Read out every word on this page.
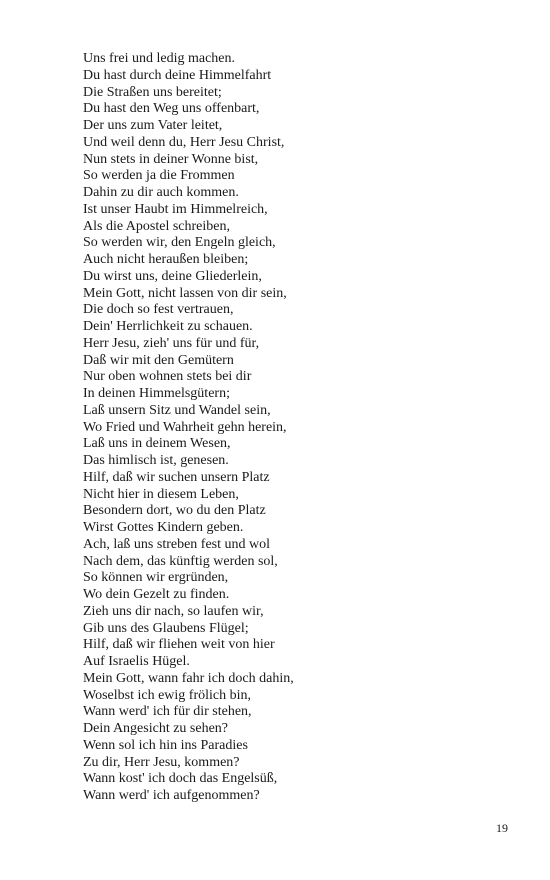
Uns frei und ledig machen.
Du hast durch deine Himmelfahrt
Die Straßen uns bereitet;
Du hast den Weg uns offenbart,
Der uns zum Vater leitet,
Und weil denn du, Herr Jesu Christ,
Nun stets in deiner Wonne bist,
So werden ja die Frommen
Dahin zu dir auch kommen.
Ist unser Haubt im Himmelreich,
Als die Apostel schreiben,
So werden wir, den Engeln gleich,
Auch nicht heraußen bleiben;
Du wirst uns, deine Gliederlein,
Mein Gott, nicht lassen von dir sein,
Die doch so fest vertrauen,
Dein' Herrlichkeit zu schauen.
Herr Jesu, zieh' uns für und für,
Daß wir mit den Gemütern
Nur oben wohnen stets bei dir
In deinen Himmelsgütern;
Laß unsern Sitz und Wandel sein,
Wo Fried und Wahrheit gehn herein,
Laß uns in deinem Wesen,
Das himlisch ist, genesen.
Hilf, daß wir suchen unsern Platz
Nicht hier in diesem Leben,
Besondern dort, wo du den Platz
Wirst Gottes Kindern geben.
Ach, laß uns streben fest und wol
Nach dem, das künftig werden sol,
So können wir ergründen,
Wo dein Gezelt zu finden.
Zieh uns dir nach, so laufen wir,
Gib uns des Glaubens Flügel;
Hilf, daß wir fliehen weit von hier
Auf Israelis Hügel.
Mein Gott, wann fahr ich doch dahin,
Woselbst ich ewig frölich bin,
Wann werd' ich für dir stehen,
Dein Angesicht zu sehen?
Wenn sol ich hin ins Paradies
Zu dir, Herr Jesu, kommen?
Wann kost' ich doch das Engelsüß,
Wann werd' ich aufgenommen?
19
